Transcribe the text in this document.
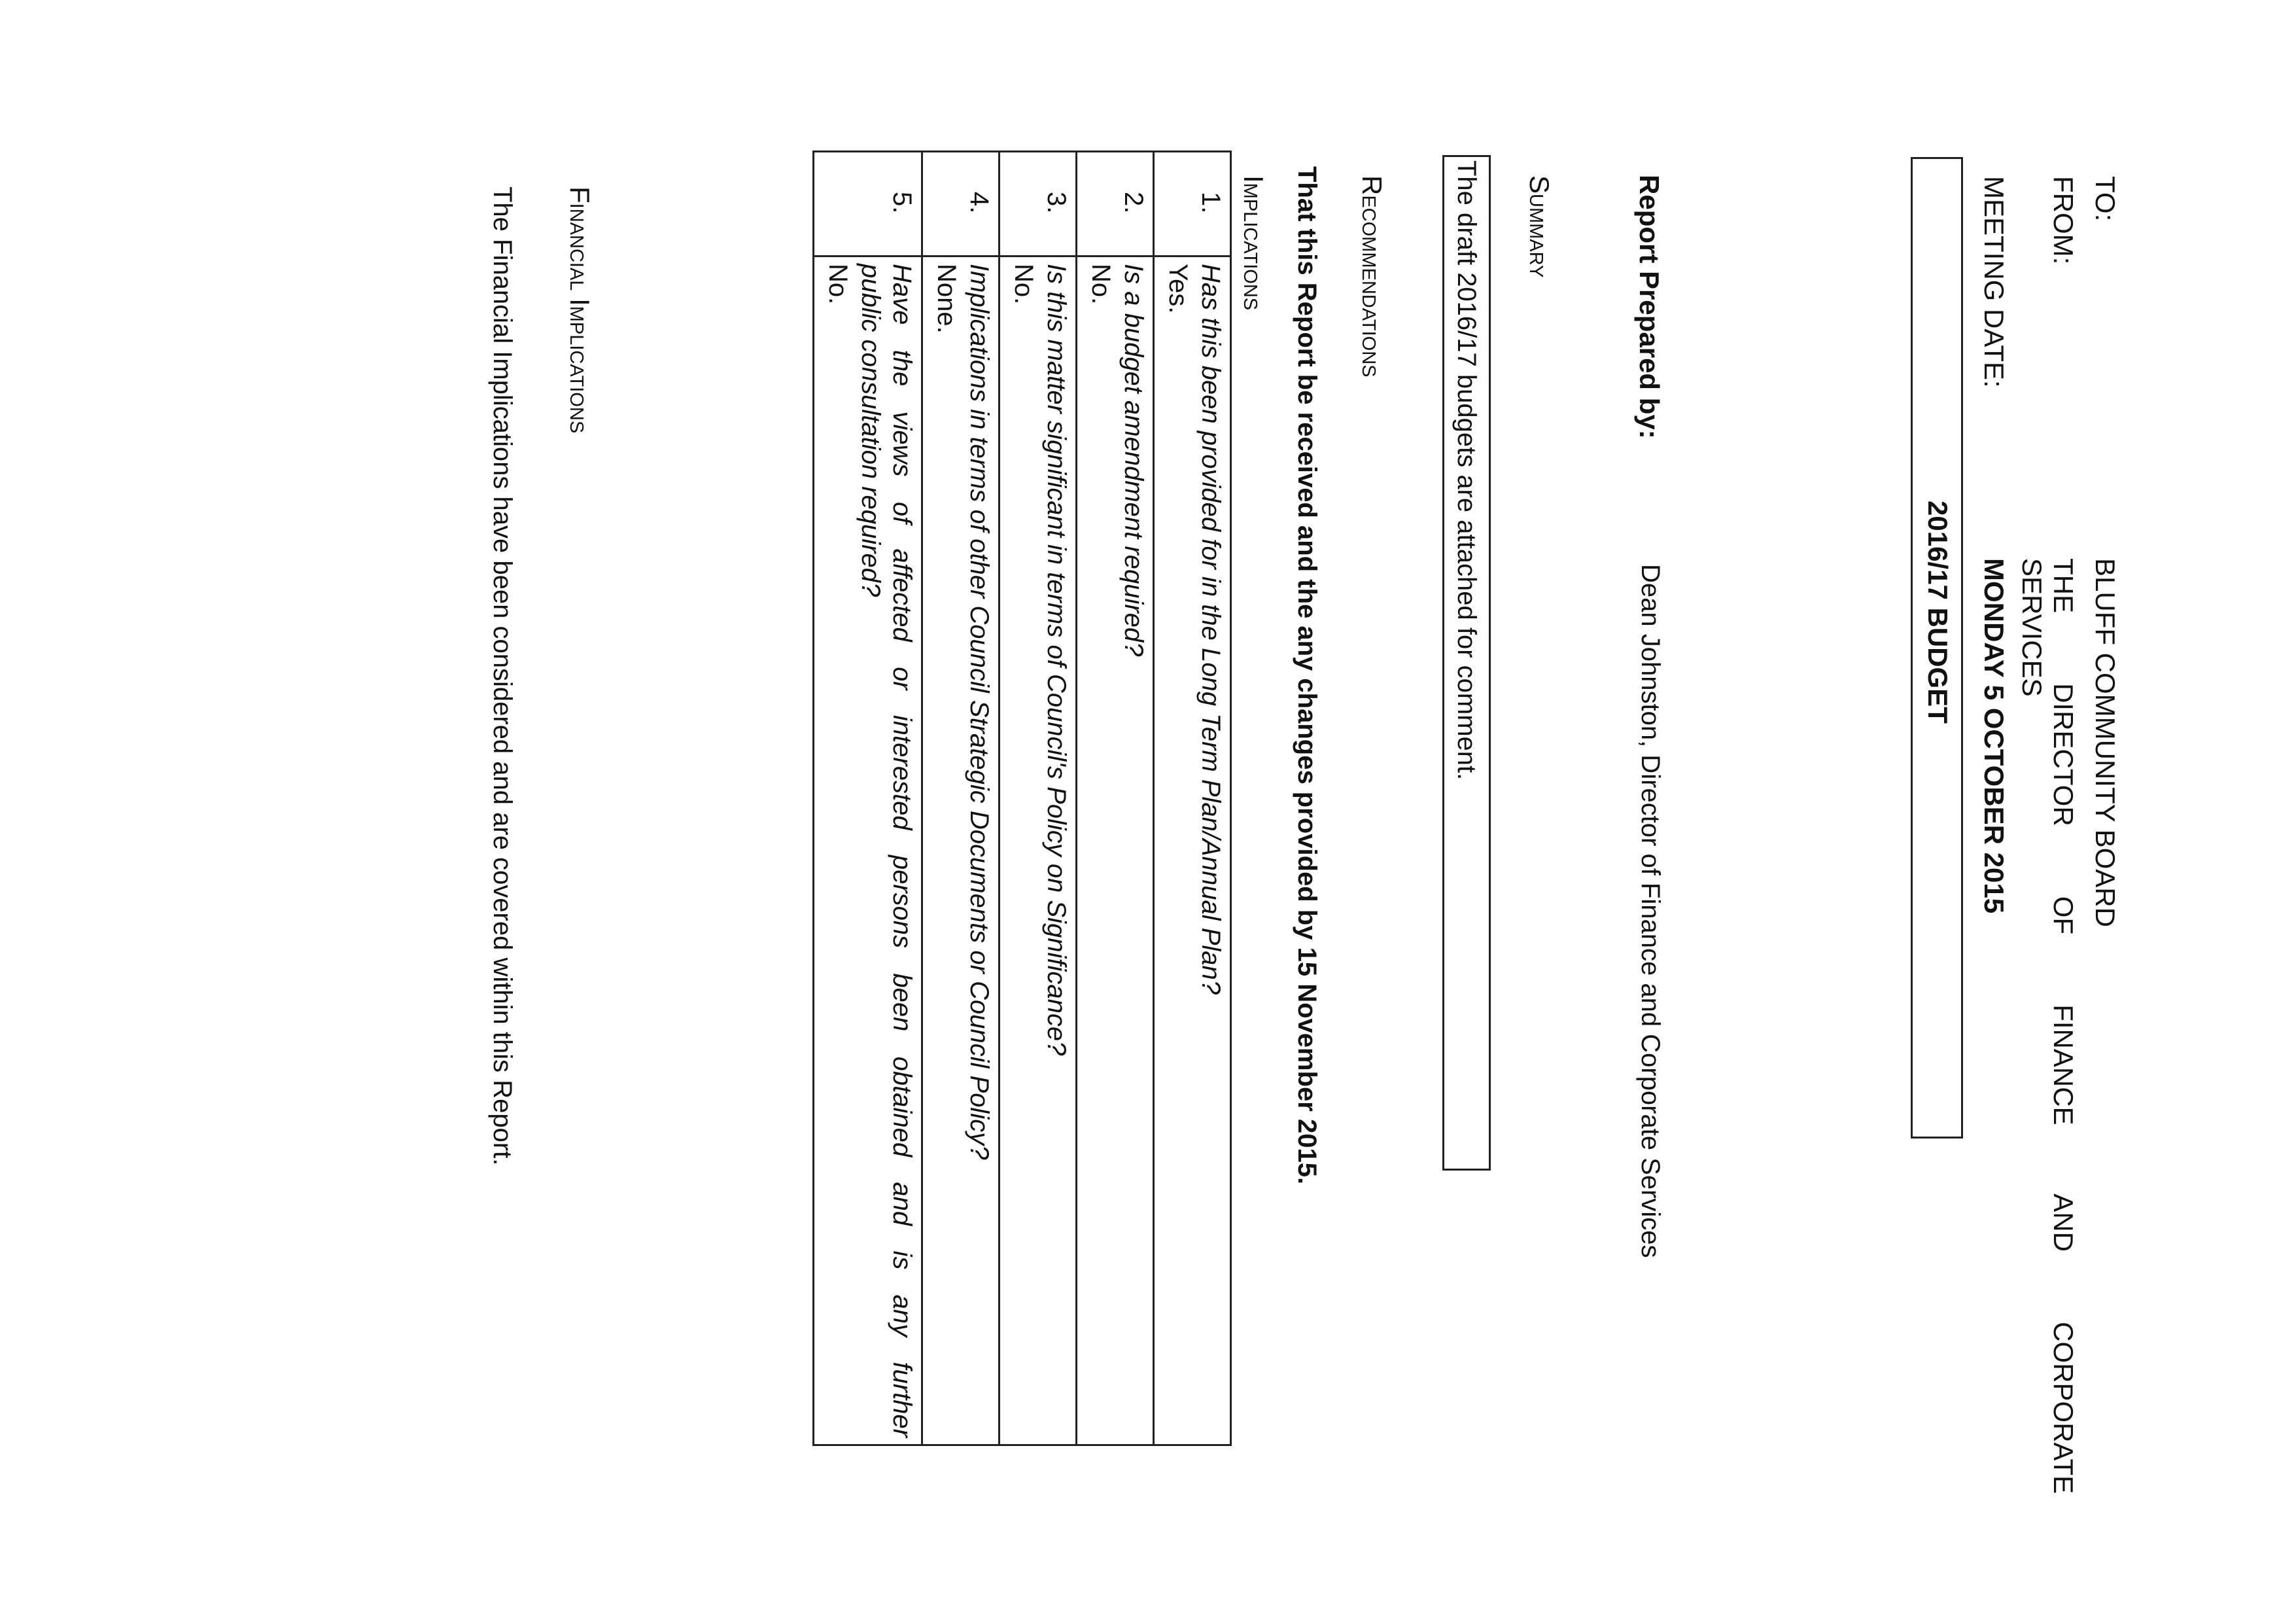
TO:
BLUFF COMMUNITY BOARD
FROM:
THE DIRECTOR OF FINANCE AND CORPORATE
SERVICES
MEETING DATE:
MONDAY 5 OCTOBER 2015
2016/17 BUDGET
Report Prepared by:
Dean Johnston, Director of Finance and Corporate Services
Summary
The draft 2016/17 budgets are attached for comment.
Recommendations
That this Report be received and the any changes provided by 15 November 2015.
Implications
1.	Has this been provided for in the Long Term Plan/Annual Plan?
Yes.

2.	Is a budget amendment required?
No.

3.	Is this matter significant in terms of Council's Policy on Significance?
No.

4.	Implications in terms of other Council Strategic Documents or Council Policy?
None.

5.	Have the views of affected or interested persons been obtained and is any further
public consultation required?
No.
Financial Implications
The Financial Implications have been considered and are covered within this Report.
